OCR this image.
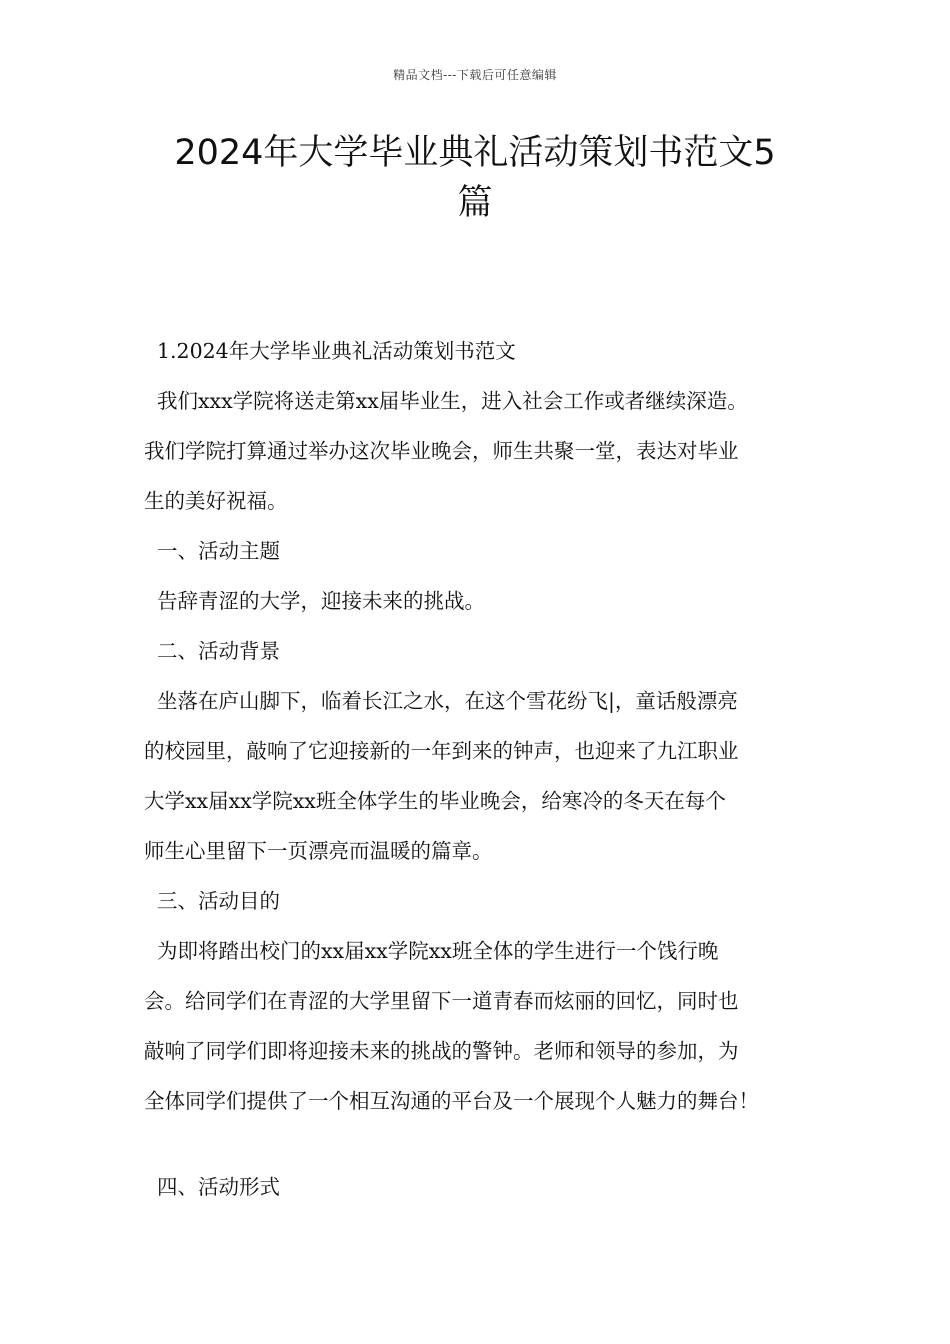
精品文档---下载后可任意编辑
2024年大学毕业典礼活动策划书范文5
篇

1.2024年大学毕业典礼活动策划书范文

我们xxx学院将送走第xx届毕业生，进入社会工作或者继续深造。

我们学院打算通过举办这次毕业晚会，师生共聚一堂，表达对毕业

生的美好祝福。

一、活动主题

告辞青涩的大学，迎接未来的挑战。

二、活动背景

坐落在庐山脚下，临着长江之水，在这个雪花纷飞|，童话般漂亮

的校园里，敲响了它迎接新的一年到来的钟声，也迎来了九江职业

大学xx届xx学院xx班全体学生的毕业晚会，给寒冷的冬天在每个

师生心里留下一页漂亮而温暖的篇章。

三、活动目的

为即将踏出校门的xx届xx学院xx班全体的学生进行一个饯行晚

会。给同学们在青涩的大学里留下一道青春而炫丽的回忆，同时也

敲响了同学们即将迎接未来的挑战的警钟。老师和领导的参加，为

全体同学们提供了一个相互沟通的平台及一个展现个人魅力的舞台！

四、活动形式
